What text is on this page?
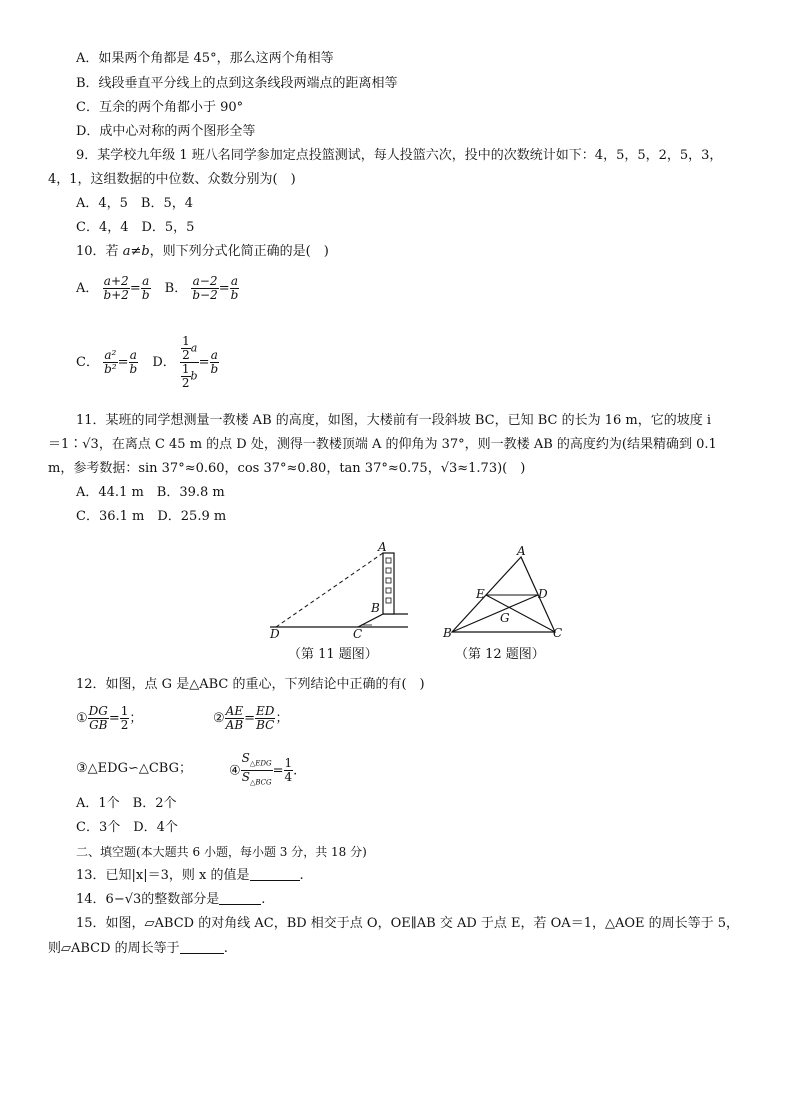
A．如果两个角都是 45°，那么这两个角相等
B．线段垂直平分线上的点到这条线段两端点的距离相等
C．互余的两个角都小于 90°
D．成中心对称的两个图形全等
9．某学校九年级 1 班八名同学参加定点投篮测试，每人投篮六次，投中的次数统计如下：4，5，5，2，5，3，
4，1，这组数据的中位数、众数分别为(　)
A．4，5　B．5，4
C．4，4　D．5，5
10．若 a≠b，则下列分式化简正确的是(　)
A． $\frac{a+2}{b+2} = \frac{a}{b}$ B． $\frac{a-2}{b-2} = \frac{a}{b}$
C． $\frac{\text{a²}}{\text{b²}} = \frac{a}{b}$ D． $\frac{\frac{1}{2} a}{\frac{1}{2} b} = \frac{a}{b}$
11．某班的同学想测量一教楼 AB 的高度，如图，大楼前有一段斜坡 BC，已知 BC 的长为 16 m，它的坡度 i
＝1∶√3，在离点 C 45 m 的点 D 处，测得一教楼顶端 A 的仰角为 37°，则一教楼 AB 的高度约为(结果精确到 0.1
m，参考数据：sin 37°≈0.60，cos 37°≈0.80，tan 37°≈0.75，√3≈1.73)(　)
A．44.1 m　B．39.8 m
C．36.1 m　D．25.9 m
A
B
C
D
（第 11 题图）
A
E	D
G
B	C
（第 12 题图）
12．如图，点 G 是△ABC 的重心，下列结论中正确的有(　)
① $\frac{DG}{GB} = \frac{1}{2}$ ；	② $\frac{AE}{AB} = \frac{ED}{BC}$ ；
③△EDG∽△CBG；	④ $\frac{S_{\triangle EDG}}{S_{\triangle BCG}} = \frac{1}{4}$ .
A．1个　B．2个
C．3个　D．4个
二、填空题(本大题共 6 小题，每小题 3 分，共 18 分)
13．已知|x|＝3，则 x 的值是	.
14．6−√3的整数部分是	.
15．如图，▱ABCD 的对角线 AC，BD 相交于点 O，OE∥AB 交 AD 于点 E，若 OA＝1，△AOE 的周长等于 5，
则▱ABCD 的周长等于	.
